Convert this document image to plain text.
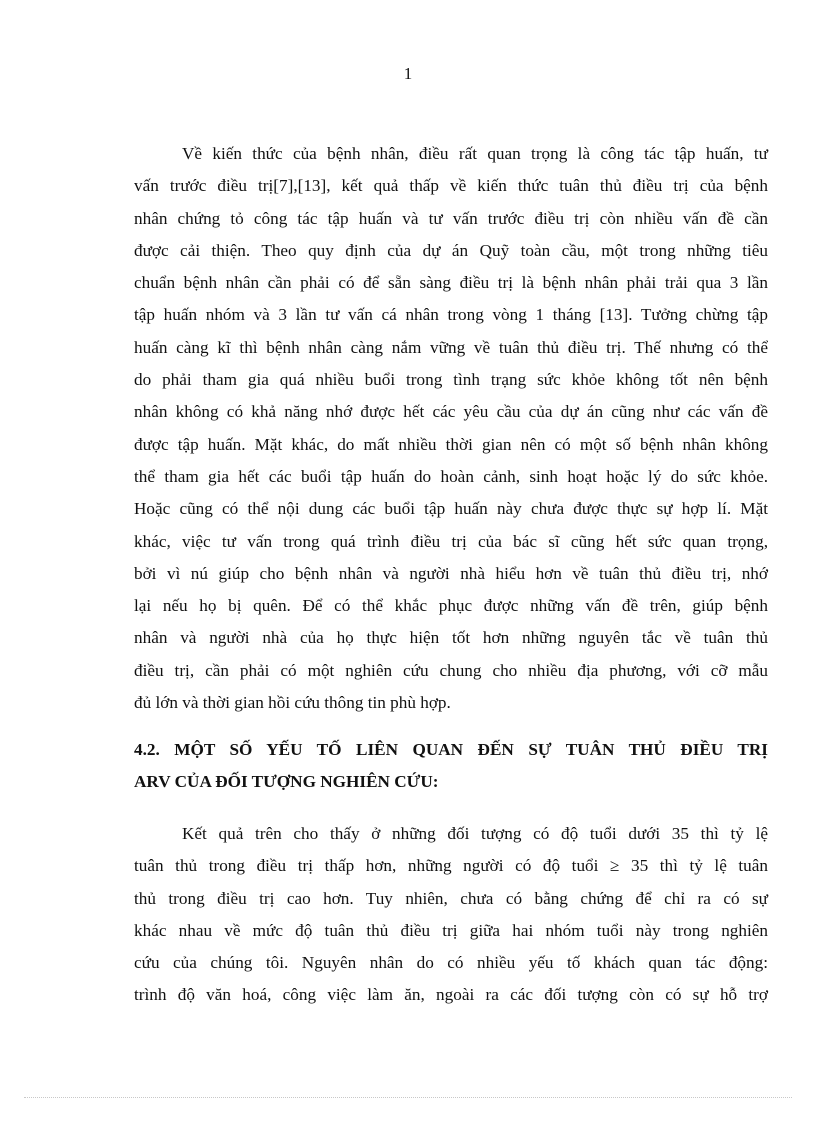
1
Về kiến thức của bệnh nhân, điều rất quan trọng là công tác tập huấn, tư
vấn trước điều trị[7],[13], kết quả thấp về kiến thức tuân thủ điều trị của bệnh
nhân chứng tỏ công tác tập huấn và tư vấn trước điều trị còn nhiều vấn đề cần
được cải thiện. Theo quy định của dự án Quỹ toàn cầu, một trong những tiêu
chuẩn bệnh nhân cần phải có để sẵn sàng điều trị là bệnh nhân phải trải qua 3 lần
tập huấn nhóm và 3 lần tư vấn cá nhân trong vòng 1 tháng [13]. Tưởng chừng tập
huấn càng kĩ thì bệnh nhân càng nắm vững về tuân thủ điều trị. Thế nhưng có thể
do phải tham gia quá nhiều buổi trong tình trạng sức khỏe không tốt nên bệnh
nhân không có khả năng nhớ được hết các yêu cầu của dự án cũng như các vấn đề
được tập huấn. Mặt khác, do mất nhiều thời gian nên có một số bệnh nhân không
thể tham gia hết các buổi tập huấn do hoàn cảnh, sinh hoạt hoặc lý do sức khỏe.
Hoặc cũng có thể nội dung các buổi tập huấn này chưa được thực sự hợp lí. Mặt
khác, việc tư vấn trong quá trình điều trị của bác sĩ cũng hết sức quan trọng,
bởi vì nú giúp cho bệnh nhân và người nhà hiểu hơn về tuân thủ điều trị, nhớ
lại nếu họ bị quên. Để có thể khắc phục được những vấn đề trên, giúp bệnh
nhân và người nhà của họ thực hiện tốt hơn những nguyên tắc về tuân thủ
điều trị, cần phải có một nghiên cứu chung cho nhiều địa phương, với cỡ mẫu
đủ lớn và thời gian hồi cứu thông tin phù hợp.
4.2. MỘT SỐ YẾU TỐ LIÊN QUAN ĐẾN SỰ TUÂN THỦ ĐIỀU TRỊ
ARV CỦA ĐỐI TƯỢNG NGHIÊN CỨU:
Kết quả trên cho thấy ở những đối tượng có độ tuổi dưới 35 thì tỷ lệ
tuân thủ trong điều trị thấp hơn, những người có độ tuổi ≥ 35 thì tỷ lệ tuân
thủ trong điều trị cao hơn. Tuy nhiên, chưa có bằng chứng để chỉ ra có sự
khác nhau về mức độ tuân thủ điều trị giữa hai nhóm tuổi này trong nghiên
cứu của chúng tôi. Nguyên nhân do có nhiều yếu tố khách quan tác động:
trình độ văn hoá, công việc làm ăn, ngoài ra các đối tượng còn có sự hỗ trợ
